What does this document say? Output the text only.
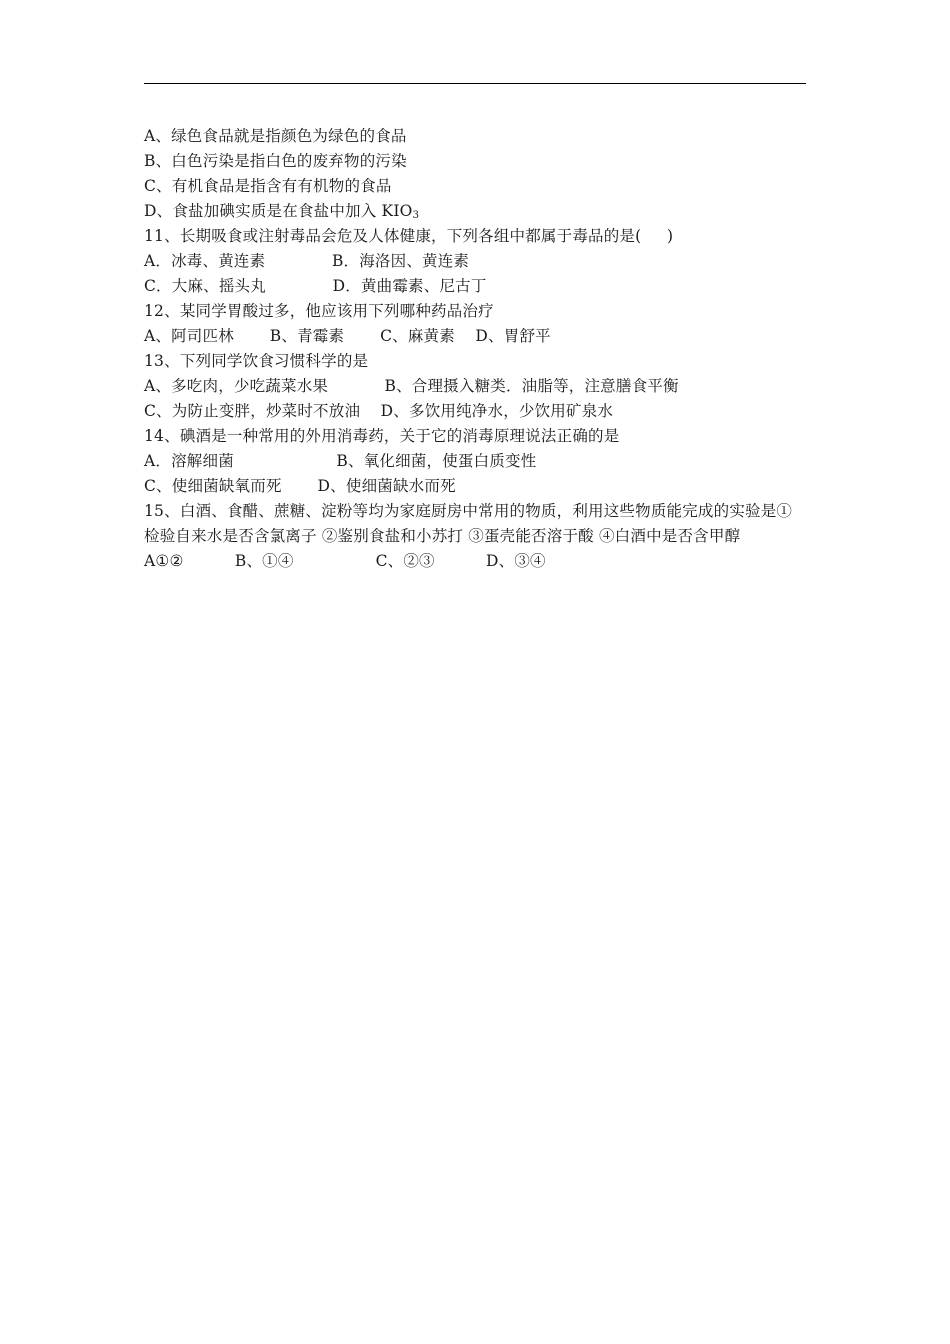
A、绿色食品就是指颜色为绿色的食品
B、白色污染是指白色的废弃物的污染
C、有机食品是指含有有机物的食品
D、食盐加碘实质是在食盐中加入 $KIO_3$
11、长期吸食或注射毒品会危及人体健康，下列各组中都属于毒品的是(     )
A．冰毒、黄连素             B．海洛因、黄连素
C．大麻、摇头丸             D．黄曲霉素、尼古丁
12、某同学胃酸过多，他应该用下列哪种药品治疗
A、阿司匹林       B、青霉素       C、麻黄素    D、胃舒平
13、下列同学饮食习惯科学的是
A、多吃肉，少吃蔬菜水果           B、合理摄入糖类．油脂等，注意膳食平衡
C、为防止变胖，炒菜时不放油    D、多饮用纯净水，少饮用矿泉水
14、碘酒是一种常用的外用消毒药，关于它的消毒原理说法正确的是
A．溶解细菌                    B、氧化细菌，使蛋白质变性
C、使细菌缺氧而死       D、使细菌缺水而死
15、白酒、食醋、蔗糖、淀粉等均为家庭厨房中常用的物质，利用这些物质能完成的实验是① 检验自来水是否含氯离子 ②鉴别食盐和小苏打 ③蛋壳能否溶于酸 ④白酒中是否含甲醇
A①②          B、①④                C、②③          D、③④
